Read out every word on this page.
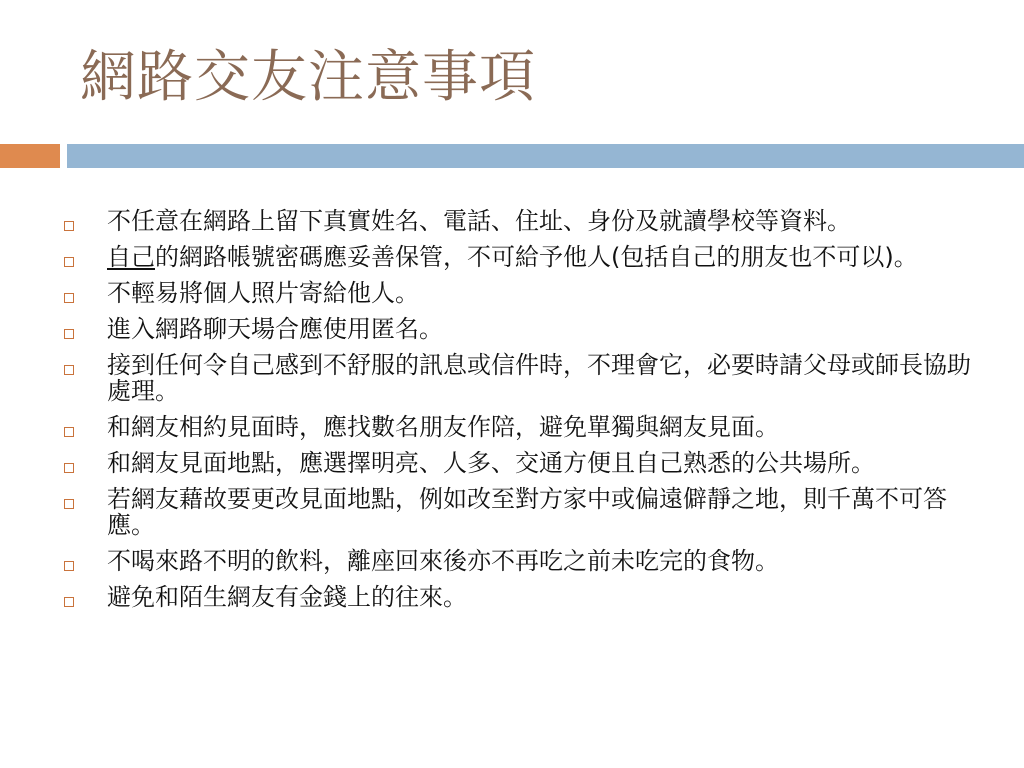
網路交友注意事項
不任意在網路上留下真實姓名、電話、住址、身份及就讀學校等資料。
自己的網路帳號密碼應妥善保管，不可給予他人(包括自己的朋友也不可以)。
不輕易將個人照片寄給他人。
進入網路聊天場合應使用匿名。
接到任何令自己感到不舒服的訊息或信件時，不理會它，必要時請父母或師長協助處理。
和網友相約見面時，應找數名朋友作陪，避免單獨與網友見面。
和網友見面地點，應選擇明亮、人多、交通方便且自己熟悉的公共場所。
若網友藉故要更改見面地點，例如改至對方家中或偏遠僻靜之地，則千萬不可答應。
不喝來路不明的飲料，離座回來後亦不再吃之前未吃完的食物。
避免和陌生網友有金錢上的往來。
